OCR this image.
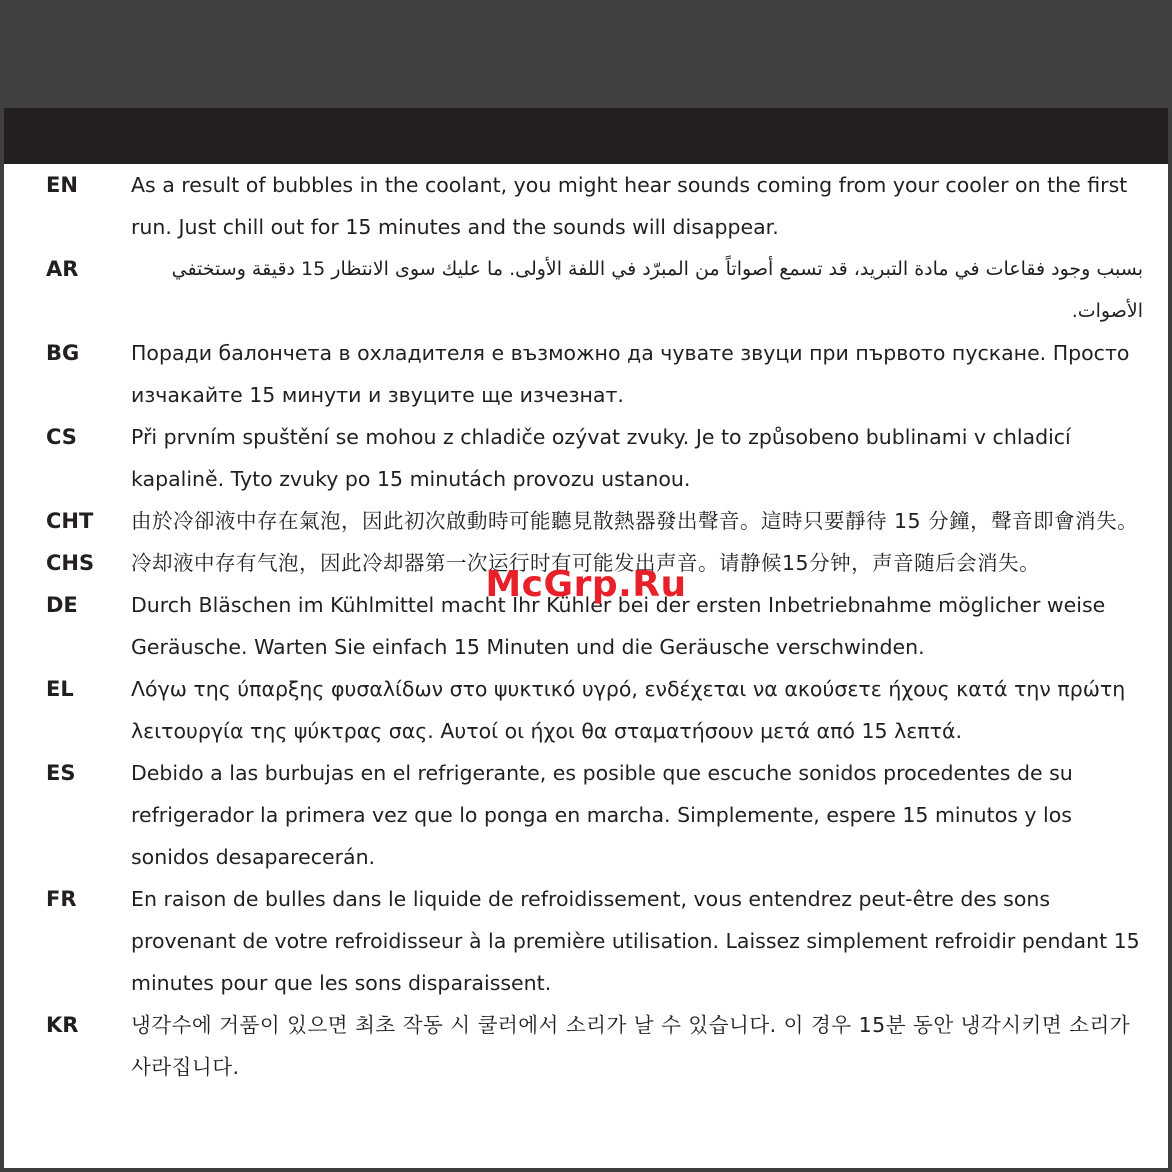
EN	As a result of bubbles in the coolant, you might hear sounds coming from your cooler on the first run. Just chill out for 15 minutes and the sounds will disappear.

AR	بسبب وجود فقاعات في مادة التبريد، قد تسمع أصواتاً من المبرّد في اللفة الأولى. ما عليك سوى الانتظار 15 دقيقة وستختفي الأصوات.

BG	Поради балончета в охладителя е възможно да чувате звуци при първото пускане. Просто изчакайте 15 минути и звуците ще изчезнат.

CS	Při prvním spuštění se mohou z chladiče ozývat zvuky. Je to způsobeno bublinami v chladicí kapalině. Tyto zvuky po 15 minutách provozu ustanou.

CHT	由於冷卻液中存在氣泡，因此初次啟動時可能聽見散熱器發出聲音。這時只要靜待 15 分鐘，聲音即會消失。

CHS	冷却液中存有气泡，因此冷却器第一次运行时有可能发出声音。请静候15分钟，声音随后会消失。

DE	Durch Bläschen im Kühlmittel macht Ihr Kühler bei der ersten Inbetriebnahme möglicher weise Geräusche. Warten Sie einfach 15 Minuten und die Geräusche verschwinden.

EL	Λόγω της ύπαρξης φυσαλίδων στο ψυκτικό υγρό, ενδέχεται να ακούσετε ήχους κατά την πρώτη λειτουργία της ψύκτρας σας. Αυτοί οι ήχοι θα σταματήσουν μετά από 15 λεπτά.

ES	Debido a las burbujas en el refrigerante, es posible que escuche sonidos procedentes de su refrigerador la primera vez que lo ponga en marcha. Simplemente, espere 15 minutos y los sonidos desaparecerán.

FR	En raison de bulles dans le liquide de refroidissement, vous entendrez peut-être des sons provenant de votre refroidisseur à la première utilisation. Laissez simplement refroidir pendant 15 minutes pour que les sons disparaissent.

KR	냉각수에 거품이 있으면 최초 작동 시 쿨러에서 소리가 날 수 있습니다. 이 경우 15분 동안 냉각시키면 소리가 사라집니다.

McGrp.Ru
